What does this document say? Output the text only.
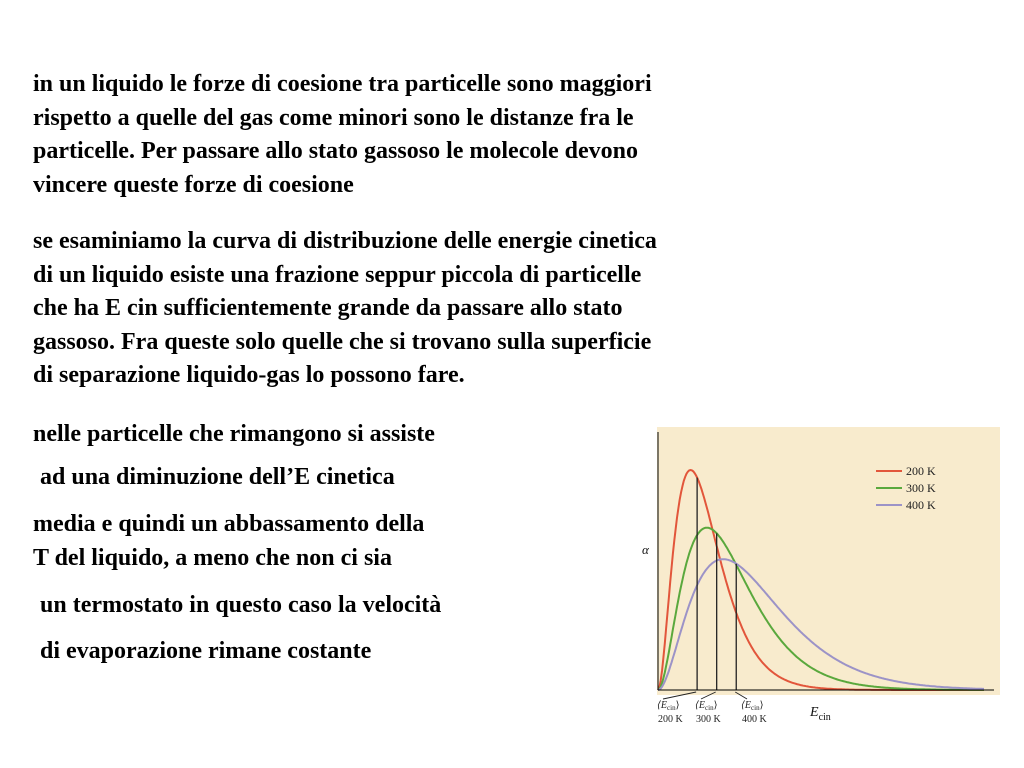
in un liquido le forze di coesione tra particelle sono maggiori
rispetto a quelle del gas come minori sono le distanze fra le
particelle. Per passare allo stato gassoso le molecole devono
vincere queste forze di coesione

se esaminiamo la curva di distribuzione delle energie cinetica
di un liquido esiste una frazione seppur piccola di particelle
che ha E cin sufficientemente grande da passare allo stato
gassoso. Fra queste solo quelle che si trovano sulla superficie
di separazione liquido-gas lo possono fare.

nelle particelle che rimangono si assiste

ad una diminuzione dell’E cinetica

media e quindi un abbassamento della
T del liquido, a meno che non ci sia

un termostato in questo caso la velocità

di evaporazione rimane costante

α
200 K
300 K
400 K
$E_{cin}$
$⟨E_{cin}⟩$
200 K
$⟨E_{cin}⟩$
300 K
$⟨E_{cin}⟩$
400 K
